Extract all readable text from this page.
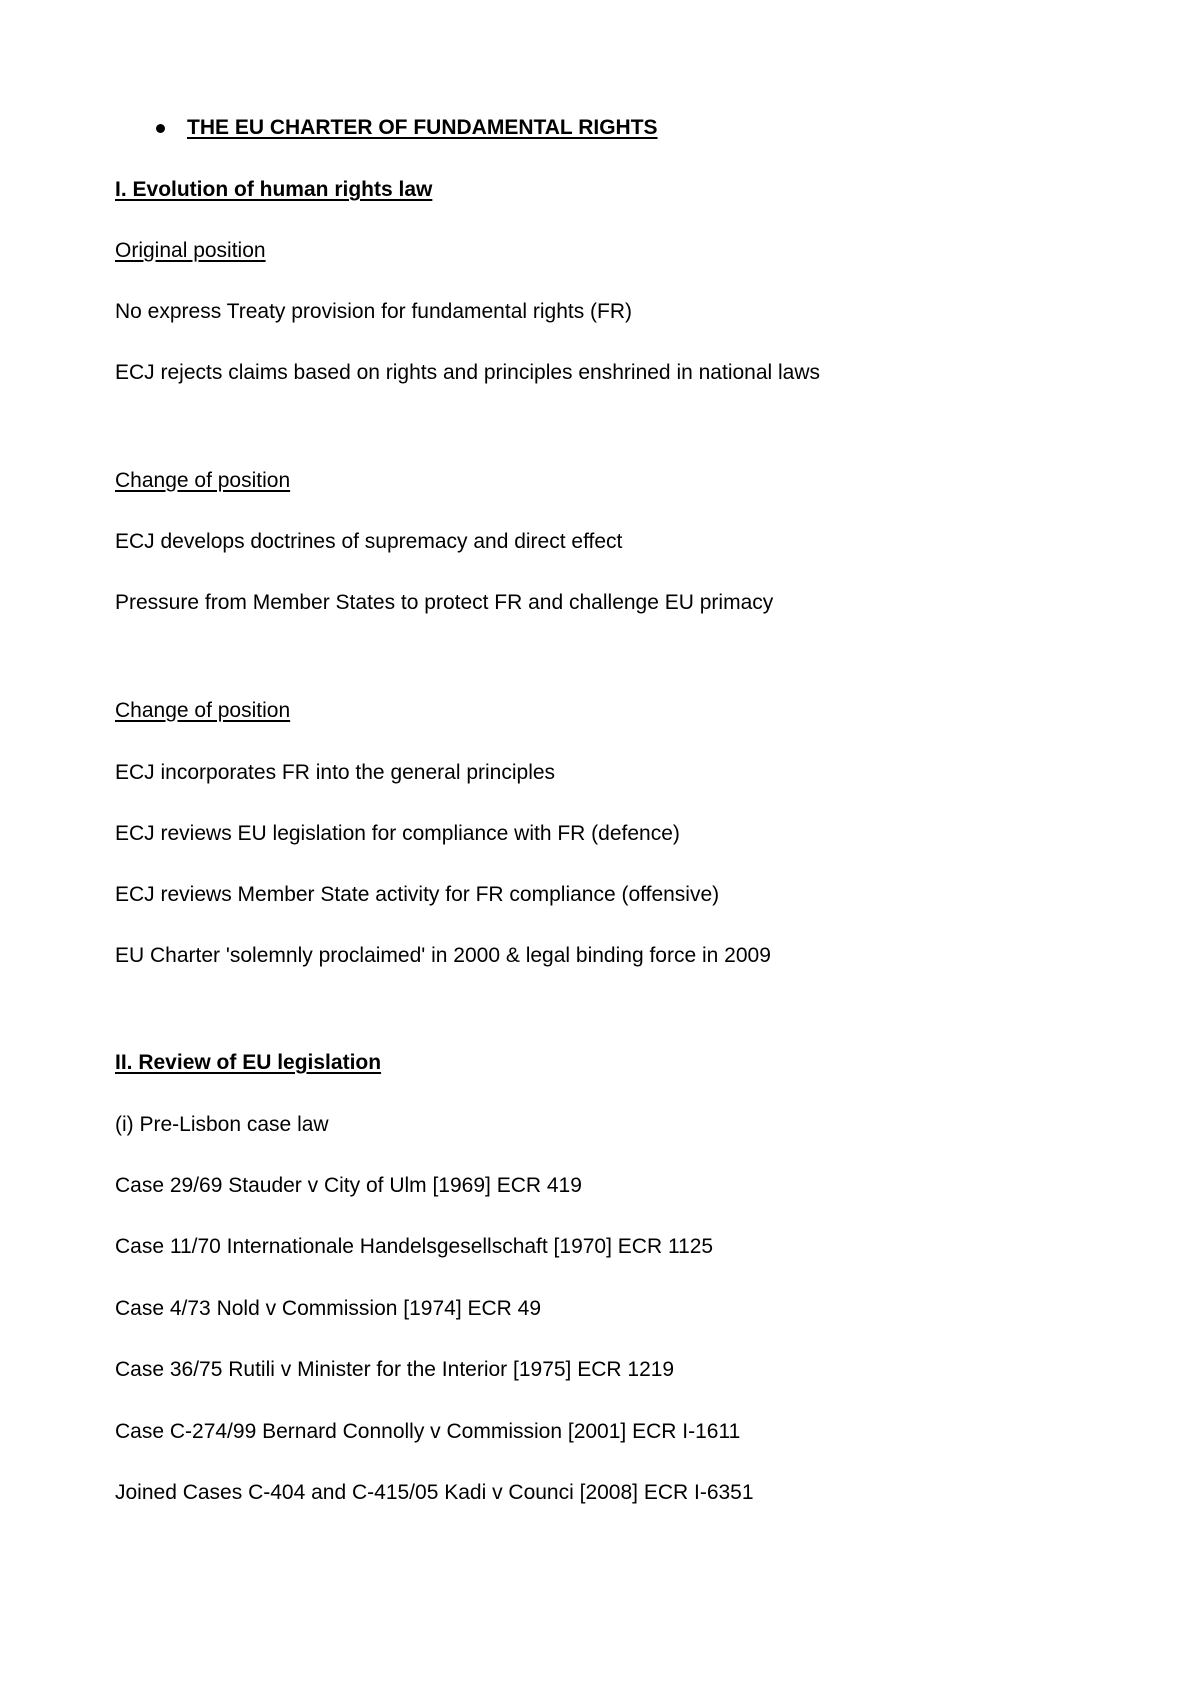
THE EU CHARTER OF FUNDAMENTAL RIGHTS
I. Evolution of human rights law
Original position
No express Treaty provision for fundamental rights (FR)
ECJ rejects claims based on rights and principles enshrined in national laws
Change of position
ECJ develops doctrines of supremacy and direct effect
Pressure from Member States to protect FR and challenge EU primacy
Change of position
ECJ incorporates FR into the general principles
ECJ reviews EU legislation for compliance with FR (defence)
ECJ reviews Member State activity for FR compliance (offensive)
EU Charter 'solemnly proclaimed' in 2000 & legal binding force in 2009
II. Review of EU legislation
(i) Pre-Lisbon case law
Case 29/69 Stauder v City of Ulm [1969] ECR 419
Case 11/70 Internationale Handelsgesellschaft [1970] ECR 1125
Case 4/73 Nold v Commission [1974] ECR 49
Case 36/75 Rutili v Minister for the Interior [1975] ECR 1219
Case C-274/99 Bernard Connolly v Commission [2001] ECR I-1611
Joined Cases C-404 and C-415/05 Kadi v Counci [2008] ECR I-6351
